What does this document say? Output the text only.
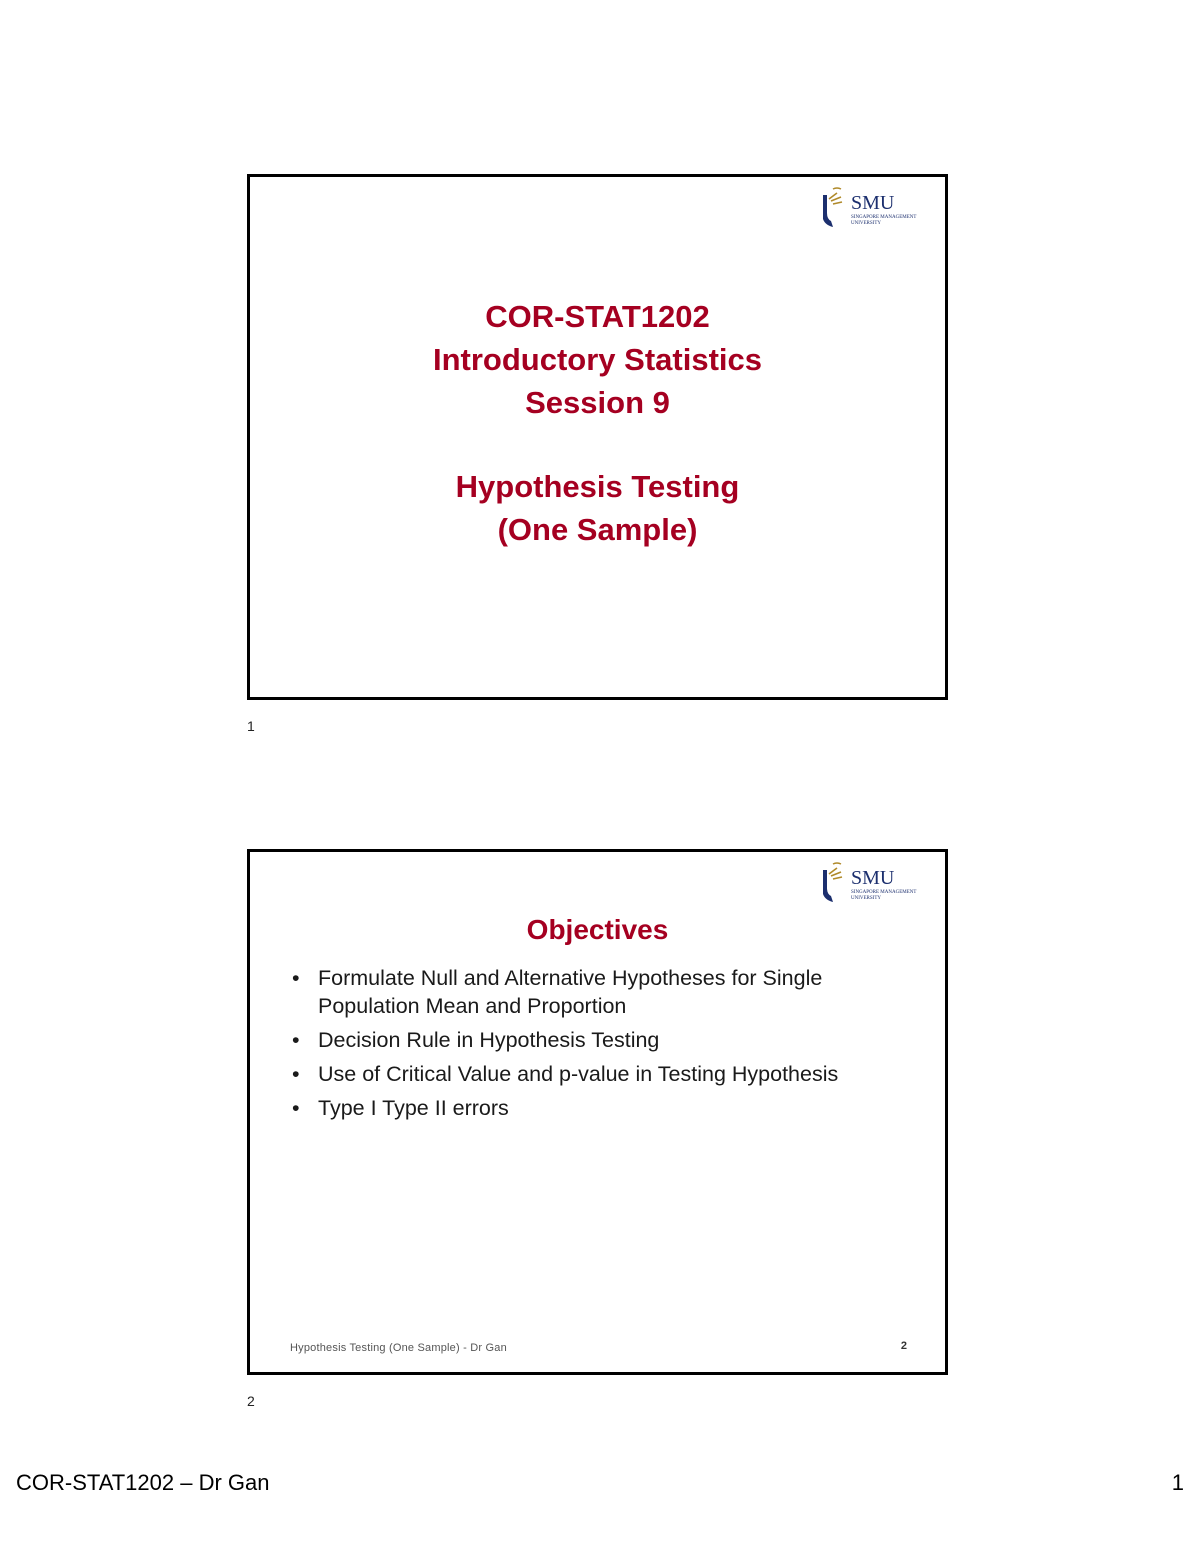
SMU
SINGAPORE MANAGEMENT
UNIVERSITY
COR-STAT1202
Introductory Statistics
Session 9
Hypothesis Testing
(One Sample)
1
SMU
SINGAPORE MANAGEMENT
UNIVERSITY
Objectives
• Formulate Null and Alternative Hypotheses for Single Population Mean and Proportion
• Decision Rule in Hypothesis Testing
• Use of Critical Value and p-value in Testing Hypothesis
• Type I Type II errors
Hypothesis Testing (One Sample) - Dr Gan	2
2
COR-STAT1202 – Dr Gan	1
